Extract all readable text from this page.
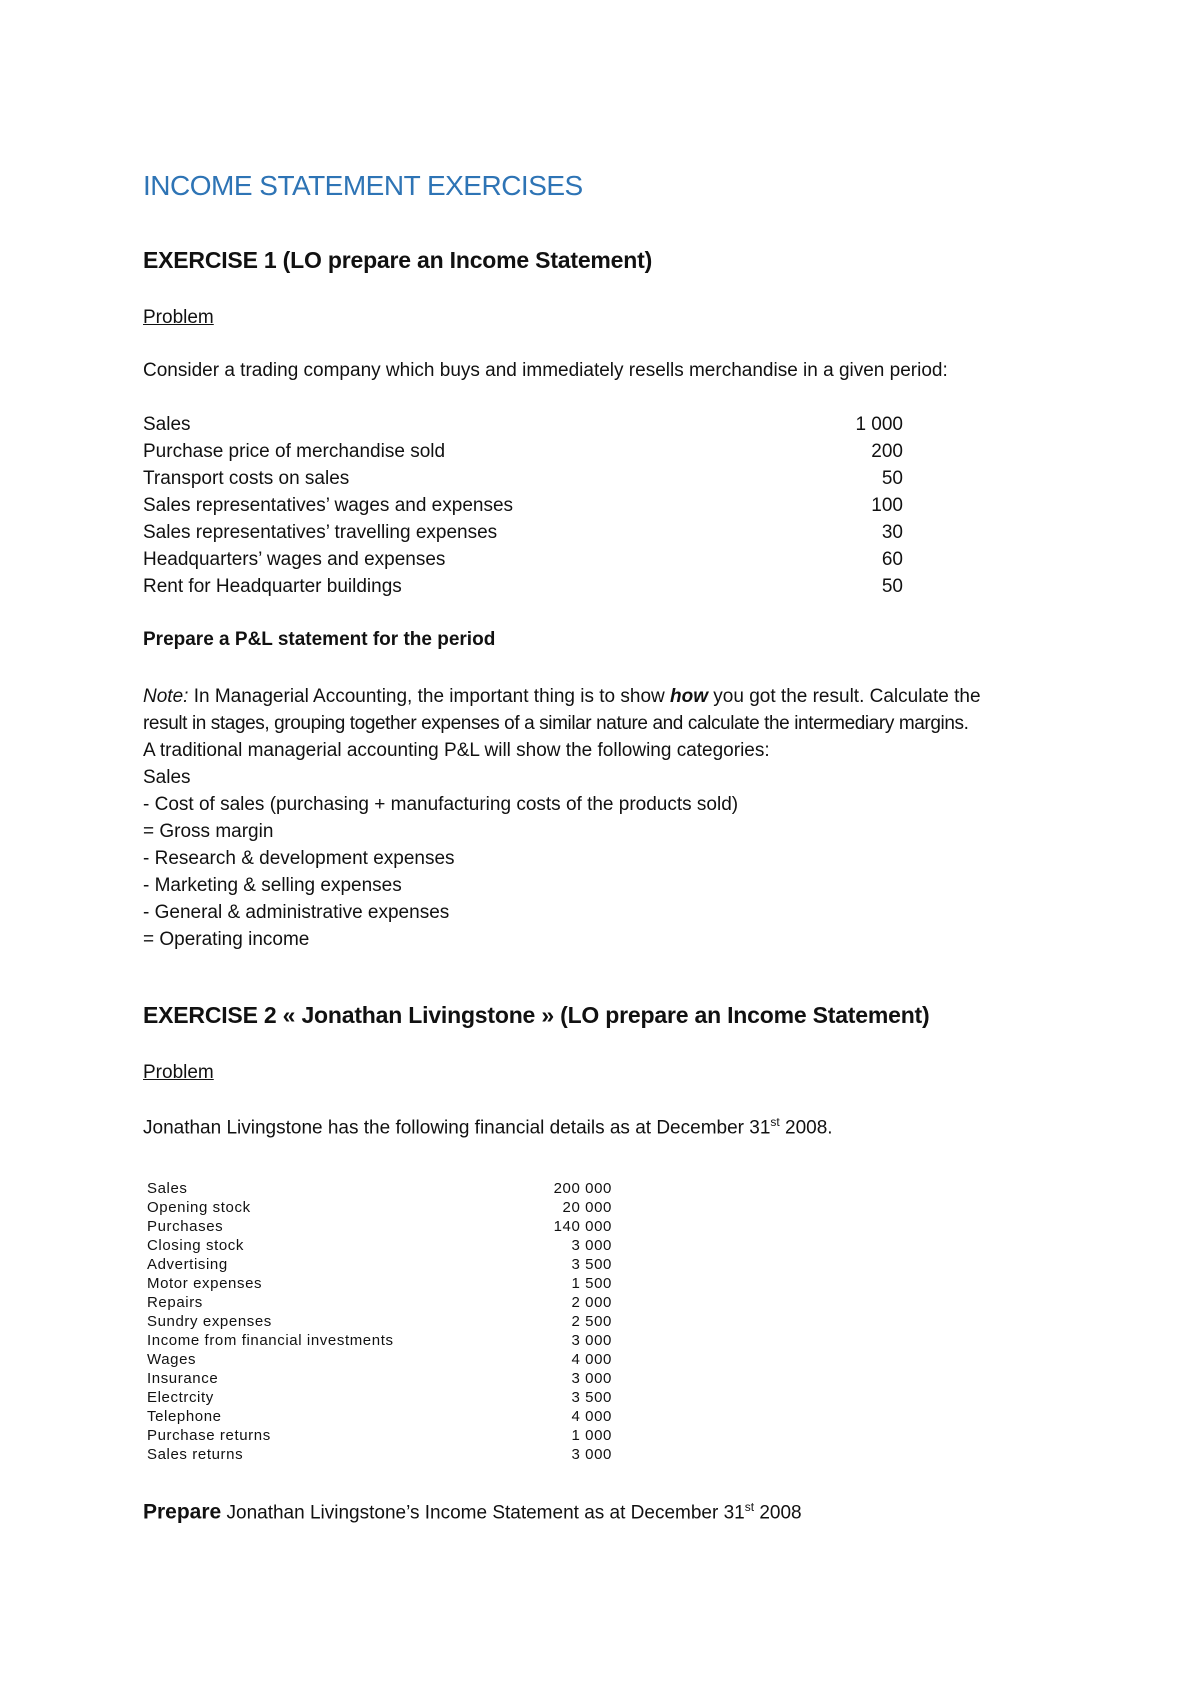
INCOME STATEMENT EXERCISES
EXERCISE 1 (LO prepare an Income Statement)
Problem
Consider a trading company which buys and immediately resells merchandise in a given period:
Sales	1 000
Purchase price of merchandise sold	200
Transport costs on sales	50
Sales representatives’ wages and expenses	100
Sales representatives’ travelling expenses	30
Headquarters’ wages and expenses	60
Rent for Headquarter buildings	50
Prepare a P&L statement for the period
Note: In Managerial Accounting, the important thing is to show how you got the result. Calculate the
result in stages, grouping together expenses of a similar nature and calculate the intermediary margins.
A traditional managerial accounting P&L will show the following categories:
Sales
- Cost of sales (purchasing + manufacturing costs of the products sold)
= Gross margin
- Research & development expenses
- Marketing & selling expenses
- General & administrative expenses
= Operating income
EXERCISE 2 « Jonathan Livingstone » (LO prepare an Income Statement)
Problem
Jonathan Livingstone has the following financial details as at December 31st 2008.
Sales	200 000
Opening stock	20 000
Purchases	140 000
Closing stock	3 000
Advertising	3 500
Motor expenses	1 500
Repairs	2 000
Sundry expenses	2 500
Income from financial investments	3 000
Wages	4 000
Insurance	3 000
Electrcity	3 500
Telephone	4 000
Purchase returns	1 000
Sales returns	3 000
Prepare Jonathan Livingstone’s Income Statement as at December 31st 2008
